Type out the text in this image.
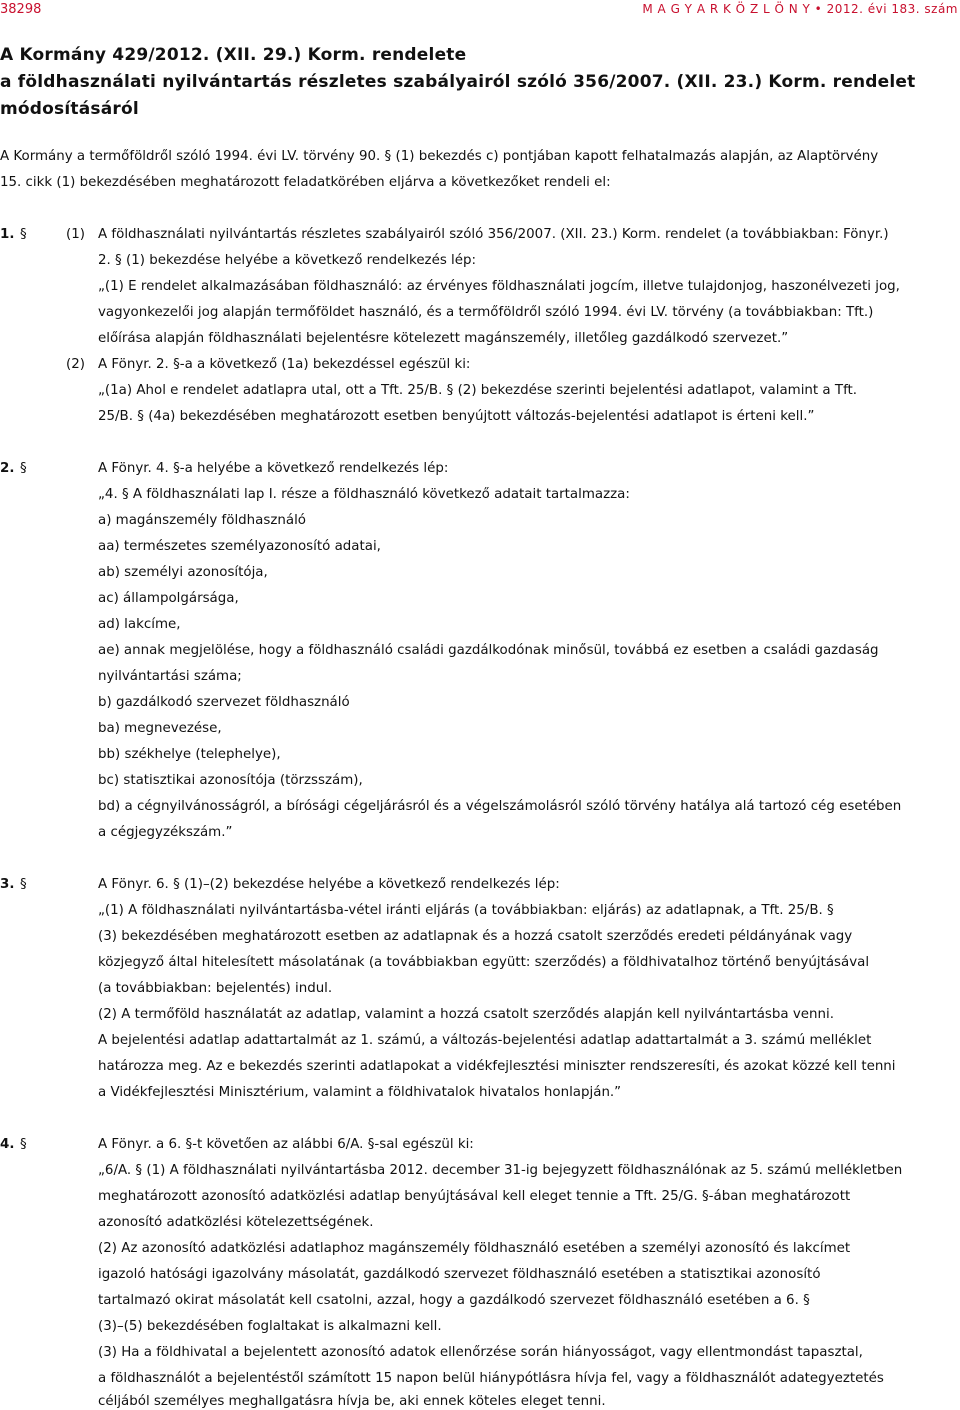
38298	M A G Y A R K Ö Z L Ö N Y • 2012. évi 183. szám
A Kormány 429/2012. (XII. 29.) Korm. rendelete
a földhasználati nyilvántartás részletes szabályairól szóló 356/2007. (XII. 23.) Korm. rendelet
módosításáról
A Kormány a termőföldről szóló 1994. évi LV. törvény 90. § (1) bekezdés c) pontjában kapott felhatalmazás alapján, az Alaptörvény
15. cikk (1) bekezdésében meghatározott feladatkörében eljárva a következőket rendeli el:
1. §	(1) A földhasználati nyilvántartás részletes szabályairól szóló 356/2007. (XII. 23.) Korm. rendelet (a továbbiakban: Fönyr.)
2. § (1) bekezdése helyébe a következő rendelkezés lép:
„(1) E rendelet alkalmazásában földhasználó: az érvényes földhasználati jogcím, illetve tulajdonjog, haszonélvezeti jog,
vagyonkezelői jog alapján termőföldet használó, és a termőföldről szóló 1994. évi LV. törvény (a továbbiakban: Tft.)
előírása alapján földhasználati bejelentésre kötelezett magánszemély, illetőleg gazdálkodó szervezet.”
(2) A Fönyr. 2. §-a a következő (1a) bekezdéssel egészül ki:
„(1a) Ahol e rendelet adatlapra utal, ott a Tft. 25/B. § (2) bekezdése szerinti bejelentési adatlapot, valamint a Tft.
25/B. § (4a) bekezdésében meghatározott esetben benyújtott változás-bejelentési adatlapot is érteni kell.”
2. §	A Fönyr. 4. §-a helyébe a következő rendelkezés lép:
„4. § A földhasználati lap I. része a földhasználó következő adatait tartalmazza:
a) magánszemély földhasználó
aa) természetes személyazonosító adatai,
ab) személyi azonosítója,
ac) állampolgársága,
ad) lakcíme,
ae) annak megjelölése, hogy a földhasználó családi gazdálkodónak minősül, továbbá ez esetben a családi gazdaság
nyilvántartási száma;
b) gazdálkodó szervezet földhasználó
ba) megnevezése,
bb) székhelye (telephelye),
bc) statisztikai azonosítója (törzsszám),
bd) a cégnyilvánosságról, a bírósági cégeljárásról és a végelszámolásról szóló törvény hatálya alá tartozó cég esetében
a cégjegyzékszám.”
3. §	A Fönyr. 6. § (1)–(2) bekezdése helyébe a következő rendelkezés lép:
„(1) A földhasználati nyilvántartásba-vétel iránti eljárás (a továbbiakban: eljárás) az adatlapnak, a Tft. 25/B. §
(3) bekezdésében meghatározott esetben az adatlapnak és a hozzá csatolt szerződés eredeti példányának vagy
közjegyző által hitelesített másolatának (a továbbiakban együtt: szerződés) a földhivatalhoz történő benyújtásával
(a továbbiakban: bejelentés) indul.
(2) A termőföld használatát az adatlap, valamint a hozzá csatolt szerződés alapján kell nyilvántartásba venni.
A bejelentési adatlap adattartalmát az 1. számú, a változás-bejelentési adatlap adattartalmát a 3. számú melléklet
határozza meg. Az e bekezdés szerinti adatlapokat a vidékfejlesztési miniszter rendszeresíti, és azokat közzé kell tenni
a Vidékfejlesztési Minisztérium, valamint a földhivatalok hivatalos honlapján.”
4. §	A Fönyr. a 6. §-t követően az alábbi 6/A. §-sal egészül ki:
„6/A. § (1) A földhasználati nyilvántartásba 2012. december 31-ig bejegyzett földhasználónak az 5. számú mellékletben
meghatározott azonosító adatközlési adatlap benyújtásával kell eleget tennie a Tft. 25/G. §-ában meghatározott
azonosító adatközlési kötelezettségének.
(2) Az azonosító adatközlési adatlaphoz magánszemély földhasználó esetében a személyi azonosító és lakcímet
igazoló hatósági igazolvány másolatát, gazdálkodó szervezet földhasználó esetében a statisztikai azonosító
tartalmazó okirat másolatát kell csatolni, azzal, hogy a gazdálkodó szervezet földhasználó esetében a 6. §
(3)–(5) bekezdésében foglaltakat is alkalmazni kell.
(3) Ha a földhivatal a bejelentett azonosító adatok ellenőrzése során hiányosságot, vagy ellentmondást tapasztal,
a földhasználót a bejelentéstől számított 15 napon belül hiánypótlásra hívja fel, vagy a földhasználót adategyeztetés
céljából személyes meghallgatásra hívja be, aki ennek köteles eleget tenni.
